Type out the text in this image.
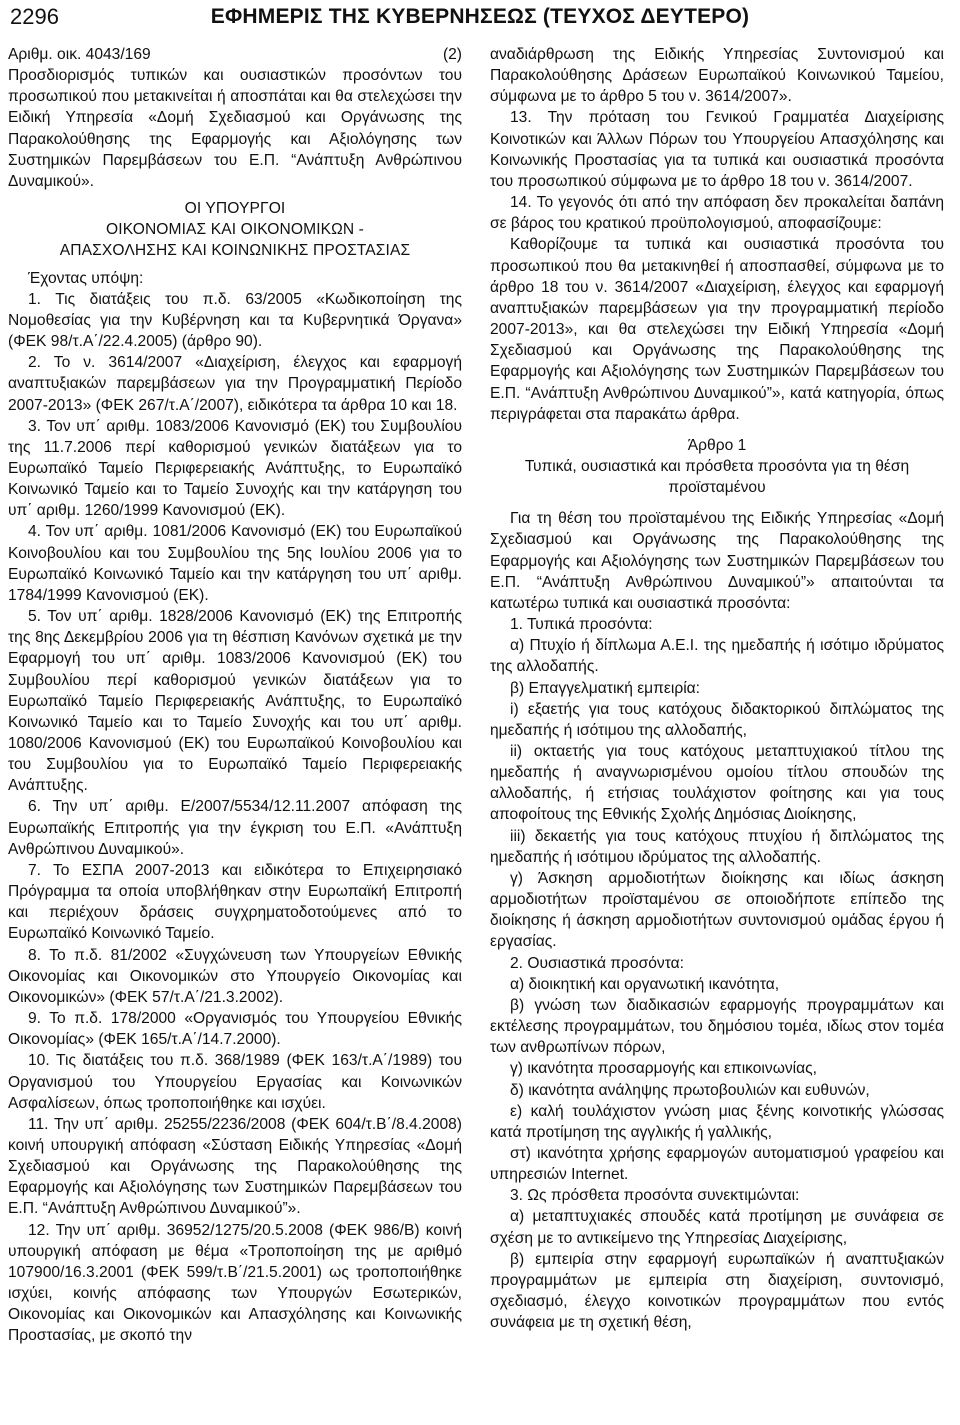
2296	ΕΦΗΜΕΡΙΣ ΤΗΣ ΚΥΒΕΡΝΗΣΕΩΣ (ΤΕΥΧΟΣ ΔΕΥΤΕΡΟ)

Αριθμ. οικ. 4043/169	(2)

Προσδιορισμός τυπικών και ουσιαστικών προσόντων του προσωπικού που μετακινείται ή αποσπάται και θα στελεχώσει την Ειδική Υπηρεσία «Δομή Σχεδιασμού και Οργάνωσης της Παρακολούθησης της Εφαρμογής και Αξιολόγησης των Συστημικών Παρεμβάσεων του Ε.Π. “Ανάπτυξη Ανθρώπινου Δυναμικού».

ΟΙ ΥΠΟΥΡΓΟΙ

ΟΙΚΟΝΟΜΙΑΣ ΚΑΙ ΟΙΚΟΝΟΜΙΚΩΝ -

ΑΠΑΣΧΟΛΗΣΗΣ ΚΑΙ ΚΟΙΝΩΝΙΚΗΣ ΠΡΟΣΤΑΣΙΑΣ

Έχοντας υπόψη:

1. Τις διατάξεις του π.δ. 63/2005 «Κωδικοποίηση της Νομοθεσίας για την Κυβέρνηση και τα Κυβερνητικά Όργανα» (ΦΕΚ 98/τ.Α΄/22.4.2005) (άρθρο 90).

2. Το ν. 3614/2007 «Διαχείριση, έλεγχος και εφαρμογή αναπτυξιακών παρεμβάσεων για την Προγραμματική Περίοδο 2007-2013» (ΦΕΚ 267/τ.Α΄/2007), ειδικότερα τα άρθρα 10 και 18.

3. Τον υπ΄ αριθμ. 1083/2006 Κανονισμό (ΕΚ) του Συμβουλίου της 11.7.2006 περί καθορισμού γενικών διατάξεων για το Ευρωπαϊκό Ταμείο Περιφερειακής Ανάπτυξης, το Ευρωπαϊκό Κοινωνικό Ταμείο και το Ταμείο Συνοχής και την κατάργηση του υπ΄ αριθμ. 1260/1999 Κανονισμού (ΕΚ).

4. Τον υπ΄ αριθμ. 1081/2006 Κανονισμό (ΕΚ) του Ευρωπαϊκού Κοινοβουλίου και του Συμβουλίου της 5ης Ιουλίου 2006 για το Ευρωπαϊκό Κοινωνικό Ταμείο και την κατάργηση του υπ΄ αριθμ. 1784/1999 Κανονισμού (ΕΚ).

5. Τον υπ΄ αριθμ. 1828/2006 Κανονισμό (ΕΚ) της Επιτροπής της 8ης Δεκεμβρίου 2006 για τη θέσπιση Κανόνων σχετικά με την Εφαρμογή του υπ΄ αριθμ. 1083/2006 Κανονισμού (ΕΚ) του Συμβουλίου περί καθορισμού γενικών διατάξεων για το Ευρωπαϊκό Ταμείο Περιφερειακής Ανάπτυξης, το Ευρωπαϊκό Κοινωνικό Ταμείο και το Ταμείο Συνοχής και του υπ΄ αριθμ. 1080/2006 Κανονισμού (ΕΚ) του Ευρωπαϊκού Κοινοβουλίου και του Συμβουλίου για το Ευρωπαϊκό Ταμείο Περιφερειακής Ανάπτυξης.

6. Την υπ΄ αριθμ. Ε/2007/5534/12.11.2007 απόφαση της Ευρωπαϊκής Επιτροπής για την έγκριση του Ε.Π. «Ανάπτυξη Ανθρώπινου Δυναμικού».

7. Το ΕΣΠΑ 2007-2013 και ειδικότερα το Επιχειρησιακό Πρόγραμμα τα οποία υποβλήθηκαν στην Ευρωπαϊκή Επιτροπή και περιέχουν δράσεις συγχρηματοδοτούμενες από το Ευρωπαϊκό Κοινωνικό Ταμείο.

8. Το π.δ. 81/2002 «Συγχώνευση των Υπουργείων Εθνικής Οικονομίας και Οικονομικών στο Υπουργείο Οικονομίας και Οικονομικών» (ΦΕΚ 57/τ.Α΄/21.3.2002).

9. Το π.δ. 178/2000 «Οργανισμός του Υπουργείου Εθνικής Οικονομίας» (ΦΕΚ 165/τ.Α΄/14.7.2000).

10. Τις διατάξεις του π.δ. 368/1989 (ΦΕΚ 163/τ.Α΄/1989) του Οργανισμού του Υπουργείου Εργασίας και Κοινωνικών Ασφαλίσεων, όπως τροποποιήθηκε και ισχύει.

11. Την υπ΄ αριθμ. 25255/2236/2008 (ΦΕΚ 604/τ.Β΄/8.4.2008) κοινή υπουργική απόφαση «Σύσταση Ειδικής Υπηρεσίας «Δομή Σχεδιασμού και Οργάνωσης της Παρακολούθησης της Εφαρμογής και Αξιολόγησης των Συστημικών Παρεμβάσεων του Ε.Π. “Ανάπτυξη Ανθρώπινου Δυναμικού”».

12. Την υπ΄ αριθμ. 36952/1275/20.5.2008 (ΦΕΚ 986/Β) κοινή υπουργική απόφαση με θέμα «Τροποποίηση της με αριθμό 107900/16.3.2001 (ΦΕΚ 599/τ.Β΄/21.5.2001) ως τροποποιήθηκε ισχύει, κοινής απόφασης των Υπουργών Εσωτερικών, Οικονομίας και Οικονομικών και Απασχόλησης και Κοινωνικής Προστασίας, με σκοπό την

αναδιάρθρωση της Ειδικής Υπηρεσίας Συντονισμού και Παρακολούθησης Δράσεων Ευρωπαϊκού Κοινωνικού Ταμείου, σύμφωνα με το άρθρο 5 του ν. 3614/2007».

13. Την πρόταση του Γενικού Γραμματέα Διαχείρισης Κοινοτικών και Άλλων Πόρων του Υπουργείου Απασχόλησης και Κοινωνικής Προστασίας για τα τυπικά και ουσιαστικά προσόντα του προσωπικού σύμφωνα με το άρθρο 18 του ν. 3614/2007.

14. Το γεγονός ότι από την απόφαση δεν προκαλείται δαπάνη σε βάρος του κρατικού προϋπολογισμού, αποφασίζουμε:

Καθορίζουμε τα τυπικά και ουσιαστικά προσόντα του προσωπικού που θα μετακινηθεί ή αποσπασθεί, σύμφωνα με το άρθρο 18 του ν. 3614/2007 «Διαχείριση, έλεγχος και εφαρμογή αναπτυξιακών παρεμβάσεων για την προγραμματική περίοδο 2007-2013», και θα στελεχώσει την Ειδική Υπηρεσία «Δομή Σχεδιασμού και Οργάνωσης της Παρακολούθησης της Εφαρμογής και Αξιολόγησης των Συστημικών Παρεμβάσεων του Ε.Π. “Ανάπτυξη Ανθρώπινου Δυναμικού”», κατά κατηγορία, όπως περιγράφεται στα παρακάτω άρθρα.

Άρθρο 1

Τυπικά, ουσιαστικά και πρόσθετα προσόντα για τη θέση προϊσταμένου

Για τη θέση του προϊσταμένου της Ειδικής Υπηρεσίας «Δομή Σχεδιασμού και Οργάνωσης της Παρακολούθησης της Εφαρμογής και Αξιολόγησης των Συστημικών Παρεμβάσεων του Ε.Π. “Ανάπτυξη Ανθρώπινου Δυναμικού”» απαιτούνται τα κατωτέρω τυπικά και ουσιαστικά προσόντα:

1. Τυπικά προσόντα:

α) Πτυχίο ή δίπλωμα Α.Ε.Ι. της ημεδαπής ή ισότιμο ιδρύματος της αλλοδαπής.

β) Επαγγελματική εμπειρία:

i) εξαετής για τους κατόχους διδακτορικού διπλώματος της ημεδαπής ή ισότιμου της αλλοδαπής,

ii) οκταετής για τους κατόχους μεταπτυχιακού τίτλου της ημεδαπής ή αναγνωρισμένου ομοίου τίτλου σπουδών της αλλοδαπής, ή ετήσιας τουλάχιστον φοίτησης και για τους αποφοίτους της Εθνικής Σχολής Δημόσιας Διοίκησης,

iii) δεκαετής για τους κατόχους πτυχίου ή διπλώματος της ημεδαπής ή ισότιμου ιδρύματος της αλλοδαπής.

γ) Άσκηση αρμοδιοτήτων διοίκησης και ιδίως άσκηση αρμοδιοτήτων προϊσταμένου σε οποιοδήποτε επίπεδο της διοίκησης ή άσκηση αρμοδιοτήτων συντονισμού ομάδας έργου ή εργασίας.

2. Ουσιαστικά προσόντα:

α) διοικητική και οργανωτική ικανότητα,

β) γνώση των διαδικασιών εφαρμογής προγραμμάτων και εκτέλεσης προγραμμάτων, του δημόσιου τομέα, ιδίως στον τομέα των ανθρωπίνων πόρων,

γ) ικανότητα προσαρμογής και επικοινωνίας,

δ) ικανότητα ανάληψης πρωτοβουλιών και ευθυνών,

ε) καλή τουλάχιστον γνώση μιας ξένης κοινοτικής γλώσσας κατά προτίμηση της αγγλικής ή γαλλικής,

στ) ικανότητα χρήσης εφαρμογών αυτοματισμού γραφείου και υπηρεσιών Internet.

3. Ως πρόσθετα προσόντα συνεκτιμώνται:

α) μεταπτυχιακές σπουδές κατά προτίμηση με συνάφεια σε σχέση με το αντικείμενο της Υπηρεσίας Διαχείρισης,

β) εμπειρία στην εφαρμογή ευρωπαϊκών ή αναπτυξιακών προγραμμάτων με εμπειρία στη διαχείριση, συντονισμό, σχεδιασμό, έλεγχο κοινοτικών προγραμμάτων που εντός συνάφεια με τη σχετική θέση,
